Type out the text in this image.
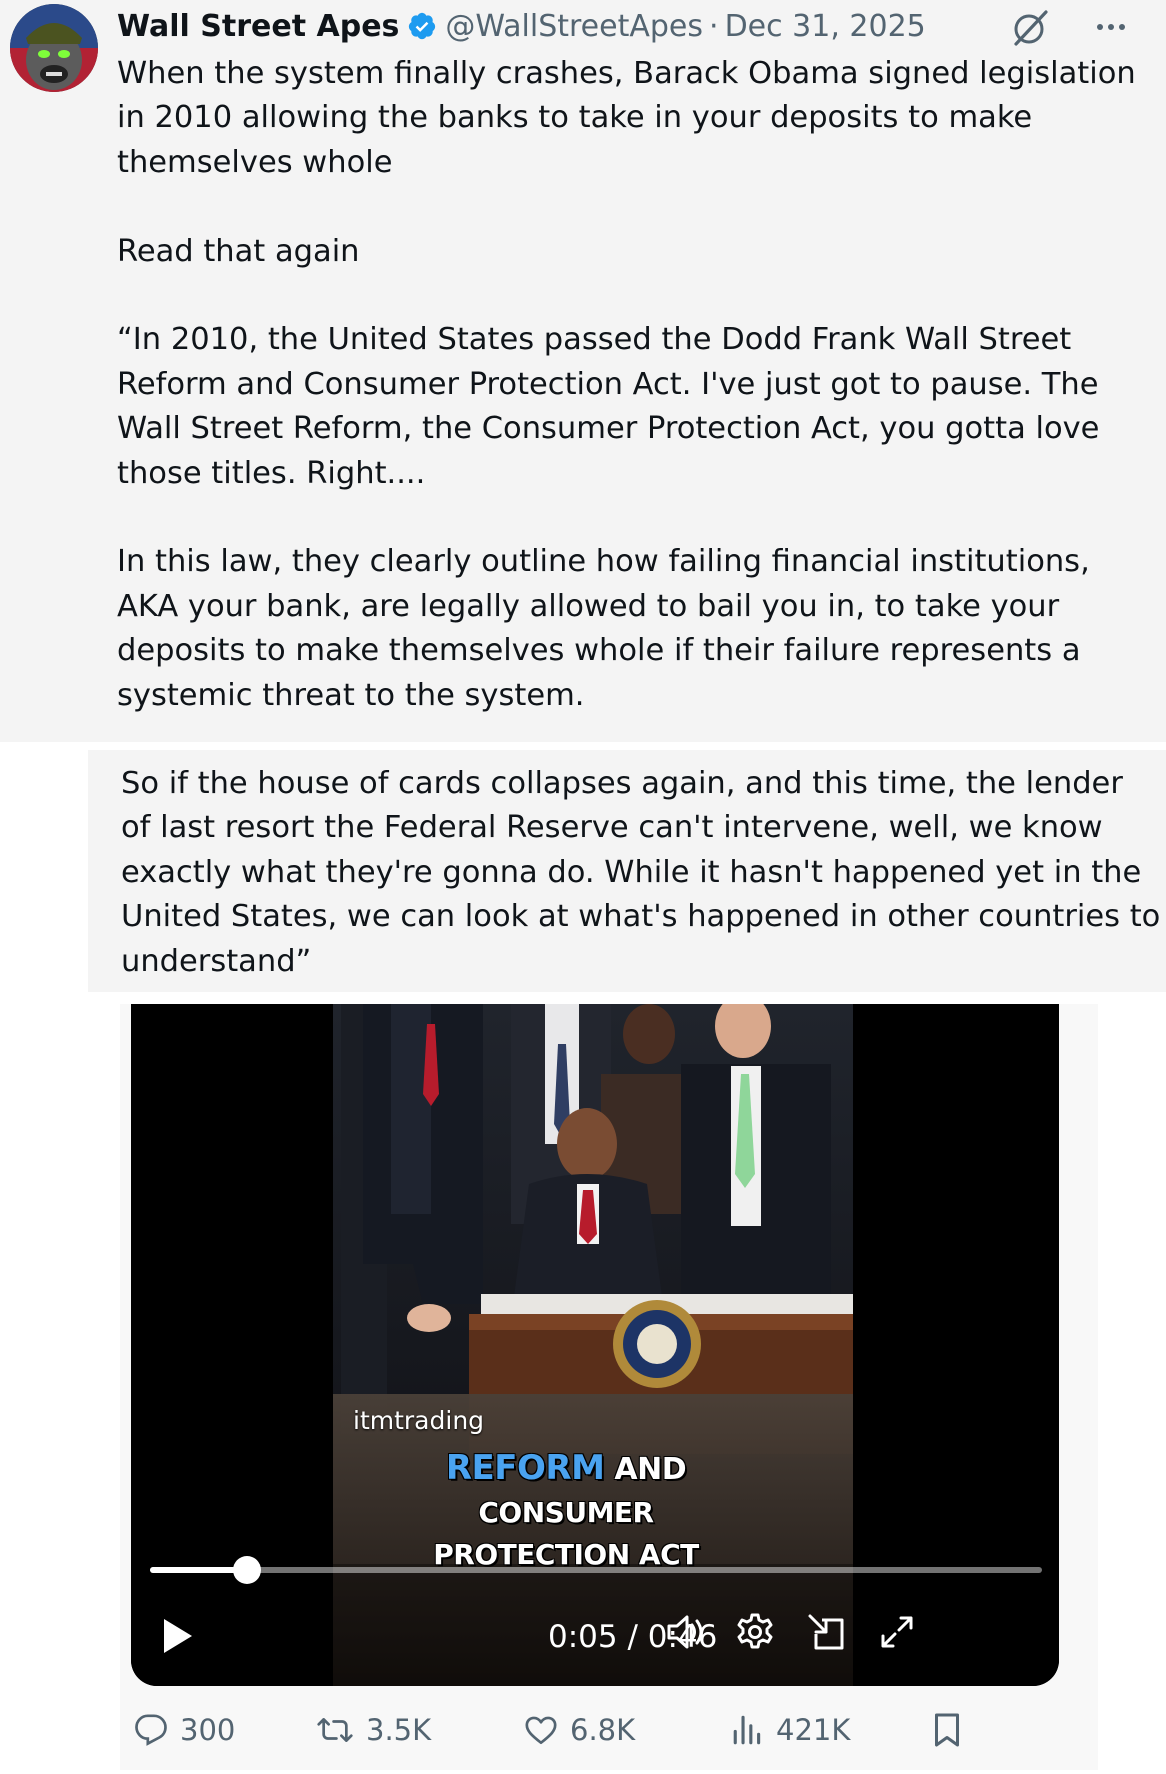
Wall Street Apes @WallStreetApes · Dec 31, 2025

When the system finally crashes, Barack Obama signed legislation in 2010 allowing the banks to take in your deposits to make themselves whole

Read that again

“In 2010, the United States passed the Dodd Frank Wall Street Reform and Consumer Protection Act. I've just got to pause. The Wall Street Reform, the Consumer Protection Act, you gotta love those titles. Right....

In this law, they clearly outline how failing financial institutions, AKA your bank, are legally allowed to bail you in, to take your deposits to make themselves whole if their failure represents a systemic threat to the system.

So if the house of cards collapses again, and this time, the lender of last resort the Federal Reserve can't intervene, well, we know exactly what they're gonna do. While it hasn't happened yet in the United States, we can look at what's happened in other countries to understand”
itmtrading
REFORM AND
CONSUMER
PROTECTION ACT
0:05 / 0:46
300	3.5K	6.8K	421K
